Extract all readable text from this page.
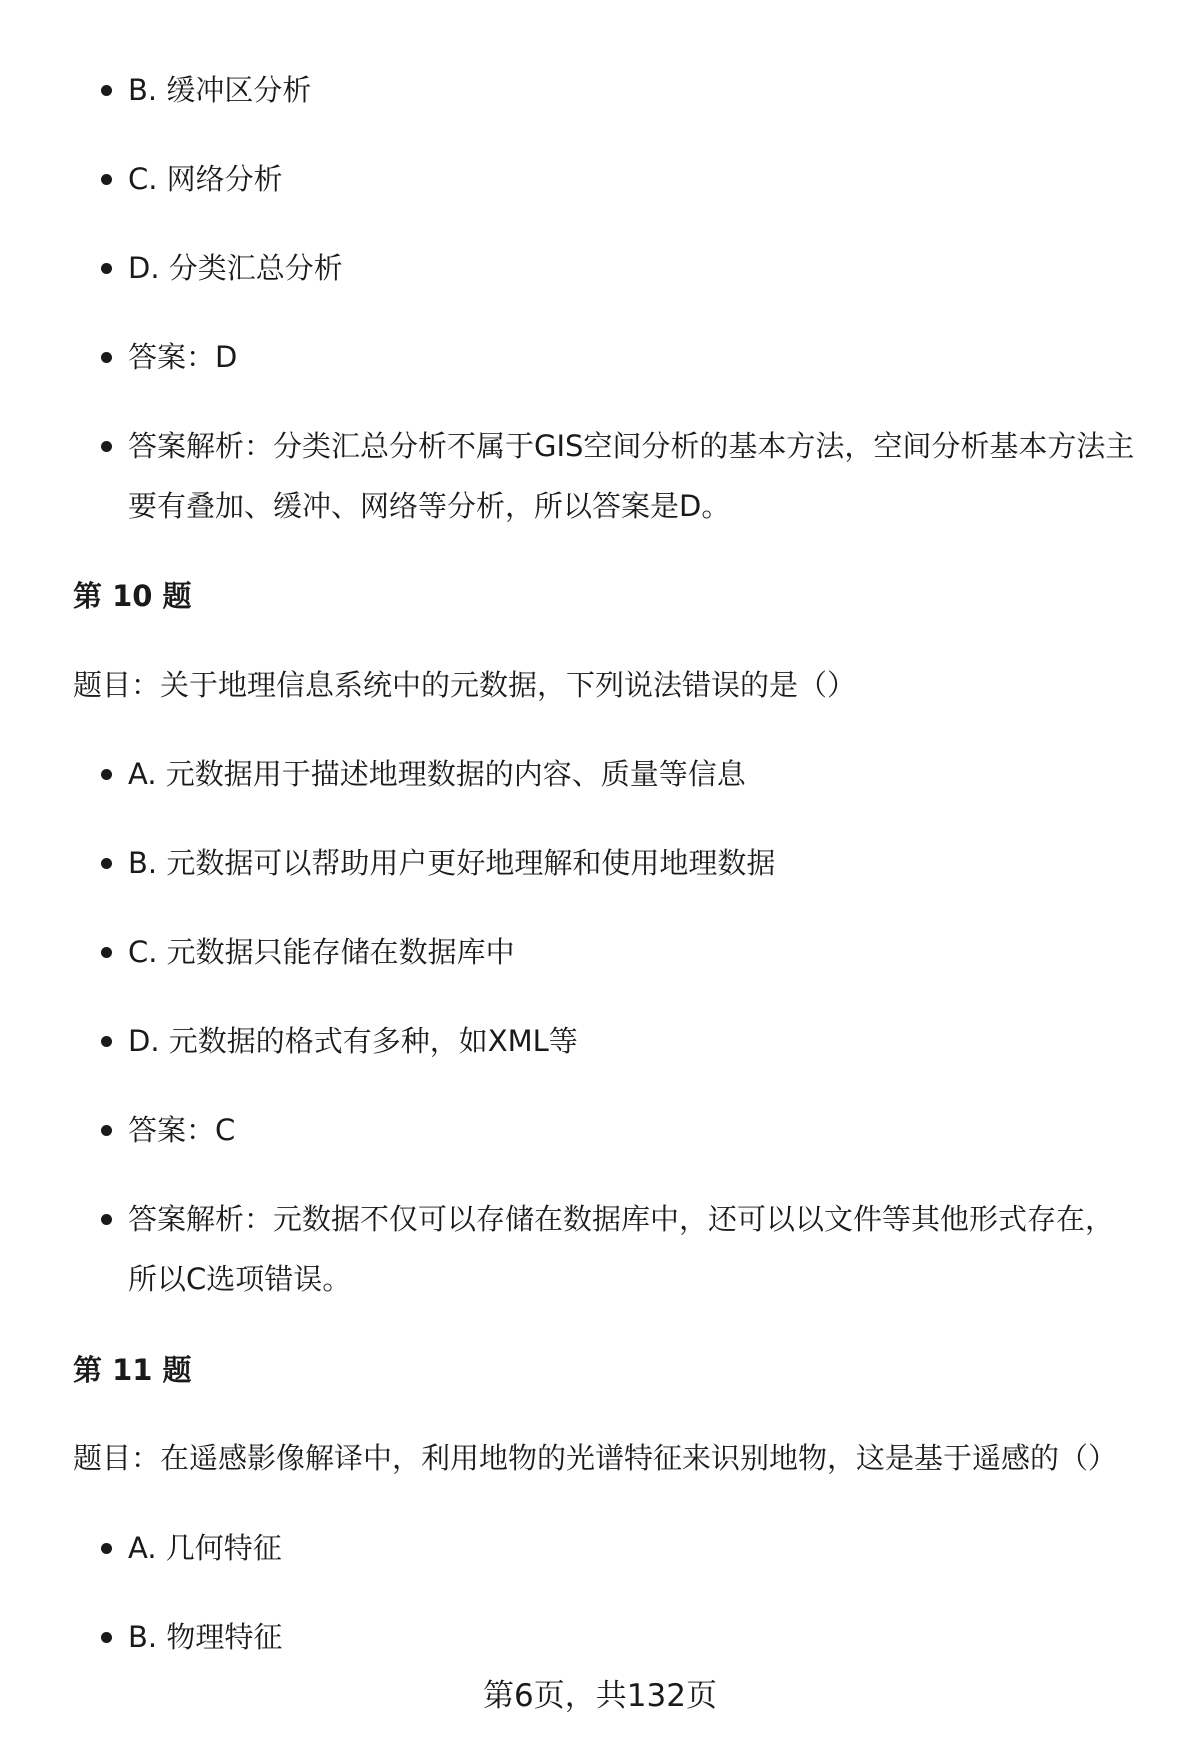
B. 缓冲区分析
C. 网络分析
D. 分类汇总分析
答案：D
答案解析：分类汇总分析不属于GIS空间分析的基本方法，空间分析基本方法主要有叠加、缓冲、网络等分析，所以答案是D。
第 10 题
题目：关于地理信息系统中的元数据，下列说法错误的是（）
A. 元数据用于描述地理数据的内容、质量等信息
B. 元数据可以帮助用户更好地理解和使用地理数据
C. 元数据只能存储在数据库中
D. 元数据的格式有多种，如XML等
答案：C
答案解析：元数据不仅可以存储在数据库中，还可以以文件等其他形式存在，所以C选项错误。
第 11 题
题目：在遥感影像解译中，利用地物的光谱特征来识别地物，这是基于遥感的（）
A. 几何特征
B. 物理特征
第6页，共132页
